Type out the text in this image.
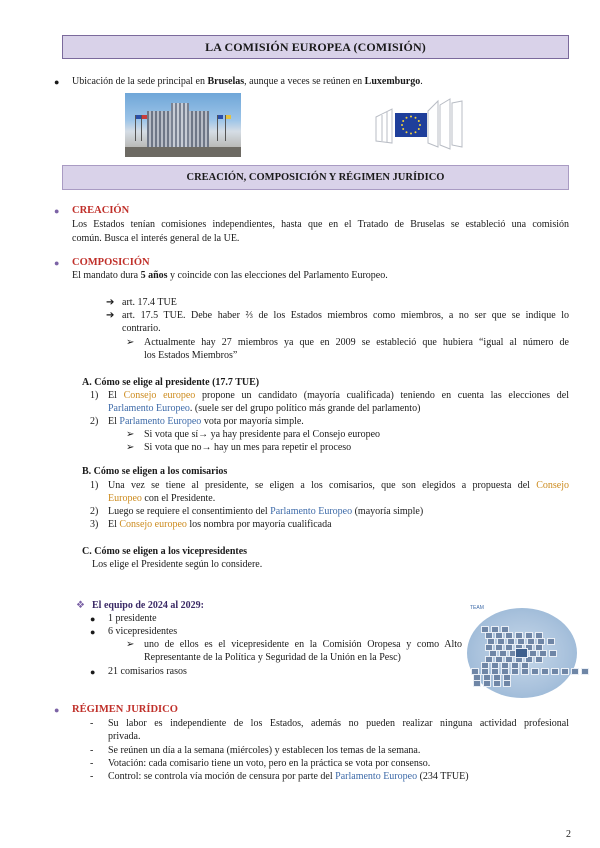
LA COMISIÓN EUROPEA (COMISIÓN)
● Ubicación de la sede principal en Bruselas, aunque a veces se reúnen en Luxemburgo.
CREACIÓN, COMPOSICIÓN Y RÉGIMEN JURÍDICO
● CREACIÓN
Los Estados tenían comisiones independientes, hasta que en el Tratado de Bruselas se estableció una comisión
común. Busca el interés general de la UE.
● COMPOSICIÓN
El mandato dura 5 años y coincide con las elecciones del Parlamento Europeo.
➔ art. 17.4 TUE
➔ art. 17.5 TUE. Debe haber ⅔ de los Estados miembros como miembros, a no ser que se indique lo
contrario.
➢ Actualmente hay 27 miembros ya que en 2009 se estableció que hubiera “igual al número de
los Estados Miembros”
A. Cómo se elige al presidente (17.7 TUE)
1) El Consejo europeo propone un candidato (mayoría cualificada) teniendo en cuenta las elecciones del
Parlamento Europeo. (suele ser del grupo político más grande del parlamento)
2) El Parlamento Europeo vota por mayoría simple.
➢ Si vota que sí→ ya hay presidente para el Consejo europeo
➢ Si vota que no→ hay un mes para repetir el proceso
B. Cómo se eligen a los comisarios
1) Una vez se tiene al presidente, se eligen a los comisarios, que son elegidos a propuesta del Consejo
Europeo con el Presidente.
2) Luego se requiere el consentimiento del Parlamento Europeo (mayoría simple)
3) El Consejo europeo los nombra por mayoría cualificada
C. Cómo se eligen a los vicepresidentes
Los elige el Presidente según lo considere.
❖ El equipo de 2024 al 2029:
● 1 presidente
● 6 vicepresidentes
➢ uno de ellos es el vicepresidente en la Comisión Oropesa y como Alto
Representante de la Política y Seguridad de la Unión en la Pesc)
● 21 comisarios rasos
TEAM
● RÉGIMEN JURÍDICO
- Su labor es independiente de los Estados, además no pueden realizar ninguna actividad profesional
privada.
- Se reúnen un día a la semana (miércoles) y establecen los temas de la semana.
- Votación: cada comisario tiene un voto, pero en la práctica se vota por consenso.
- Control: se controla vía moción de censura por parte del Parlamento Europeo (234 TFUE)
2
